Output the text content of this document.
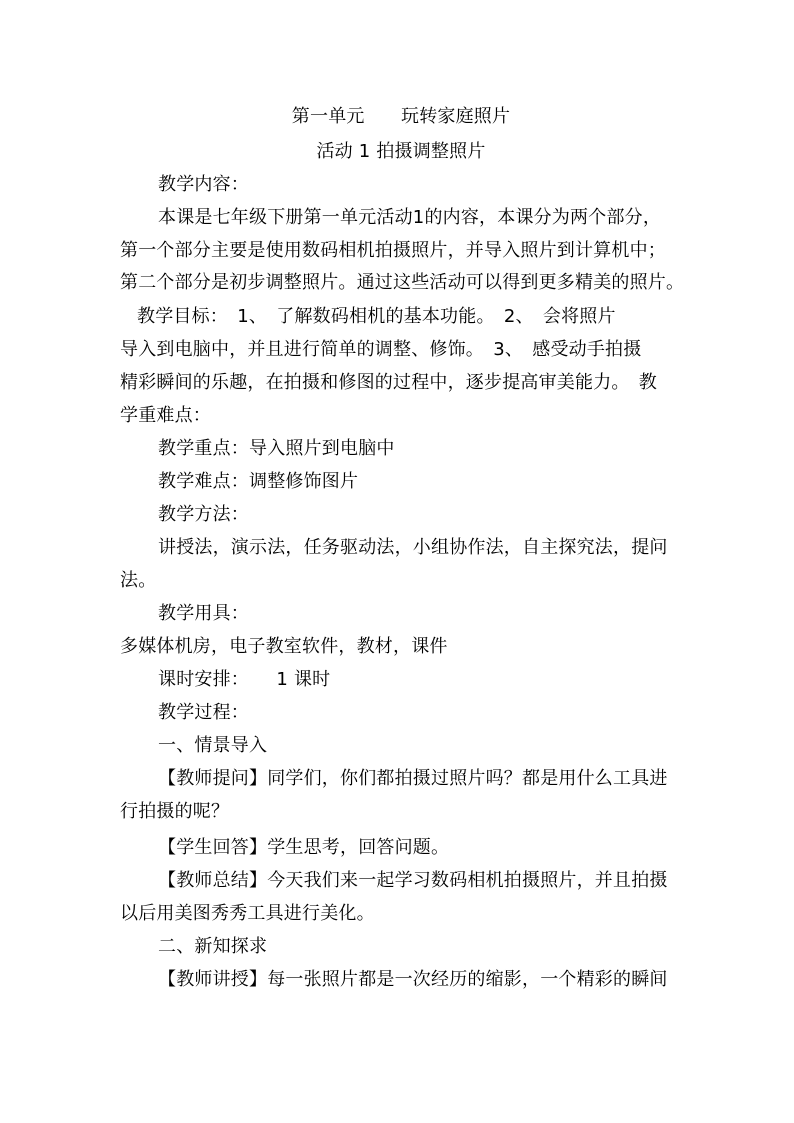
第一单元　　玩转家庭照片
活动 1 拍摄调整照片
教学内容：
本课是七年级下册第一单元活动1的内容，本课分为两个部分，
第一个部分主要是使用数码相机拍摄照片，并导入照片到计算机中；
第二个部分是初步调整照片。通过这些活动可以得到更多精美的照片。
教学目标：　1、　了解数码相机的基本功能。　2、　会将照片
导入到电脑中，并且进行简单的调整、修饰。　3、　感受动手拍摄
精彩瞬间的乐趣，在拍摄和修图的过程中，逐步提高审美能力。　教
学重难点：
教学重点：导入照片到电脑中
教学难点：调整修饰图片
教学方法：
讲授法，演示法，任务驱动法，小组协作法，自主探究法，提问
法。
教学用具：
多媒体机房，电子教室软件，教材，课件
课时安排：　　1 课时
教学过程：
一、情景导入
【教师提问】同学们，你们都拍摄过照片吗？都是用什么工具进
行拍摄的呢？
【学生回答】学生思考，回答问题。
【教师总结】今天我们来一起学习数码相机拍摄照片，并且拍摄
以后用美图秀秀工具进行美化。
二、新知探求
【教师讲授】每一张照片都是一次经历的缩影，一个精彩的瞬间
